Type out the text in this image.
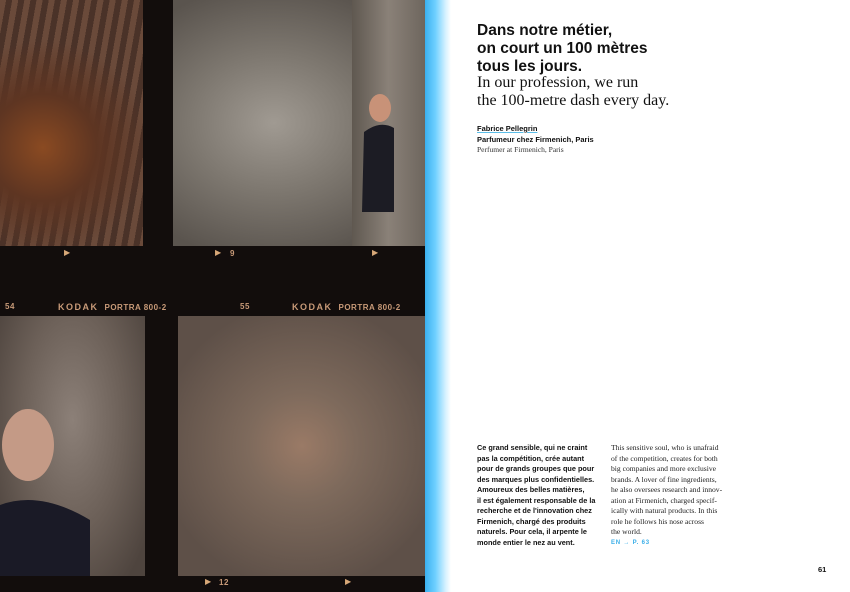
▶	▶ 9	▶
54	KODAK PORTRA 800-2	55	KODAK PORTRA 800-2
▶ 12	▶
Dans notre métier,
on court un 100 mètres
tous les jours.
In our profession, we run
the 100-metre dash every day.
Fabrice Pellegrin
Parfumeur chez Firmenich, Paris
Perfumer at Firmenich, Paris
Ce grand sensible, qui ne craint
pas la compétition, crée autant
pour de grands groupes que pour
des marques plus confidentielles.
Amoureux des belles matières,
il est également responsable de la
recherche et de l'innovation chez
Firmenich, chargé des produits
naturels. Pour cela, il arpente le
monde entier le nez au vent.
This sensitive soul, who is unafraid
of the competition, creates for both
big companies and more exclusive
brands. A lover of fine ingredients,
he also oversees research and innov-
ation at Firmenich, charged specif-
ically with natural products. In this
role he follows his nose across
the world.
EN → P. 63
61
